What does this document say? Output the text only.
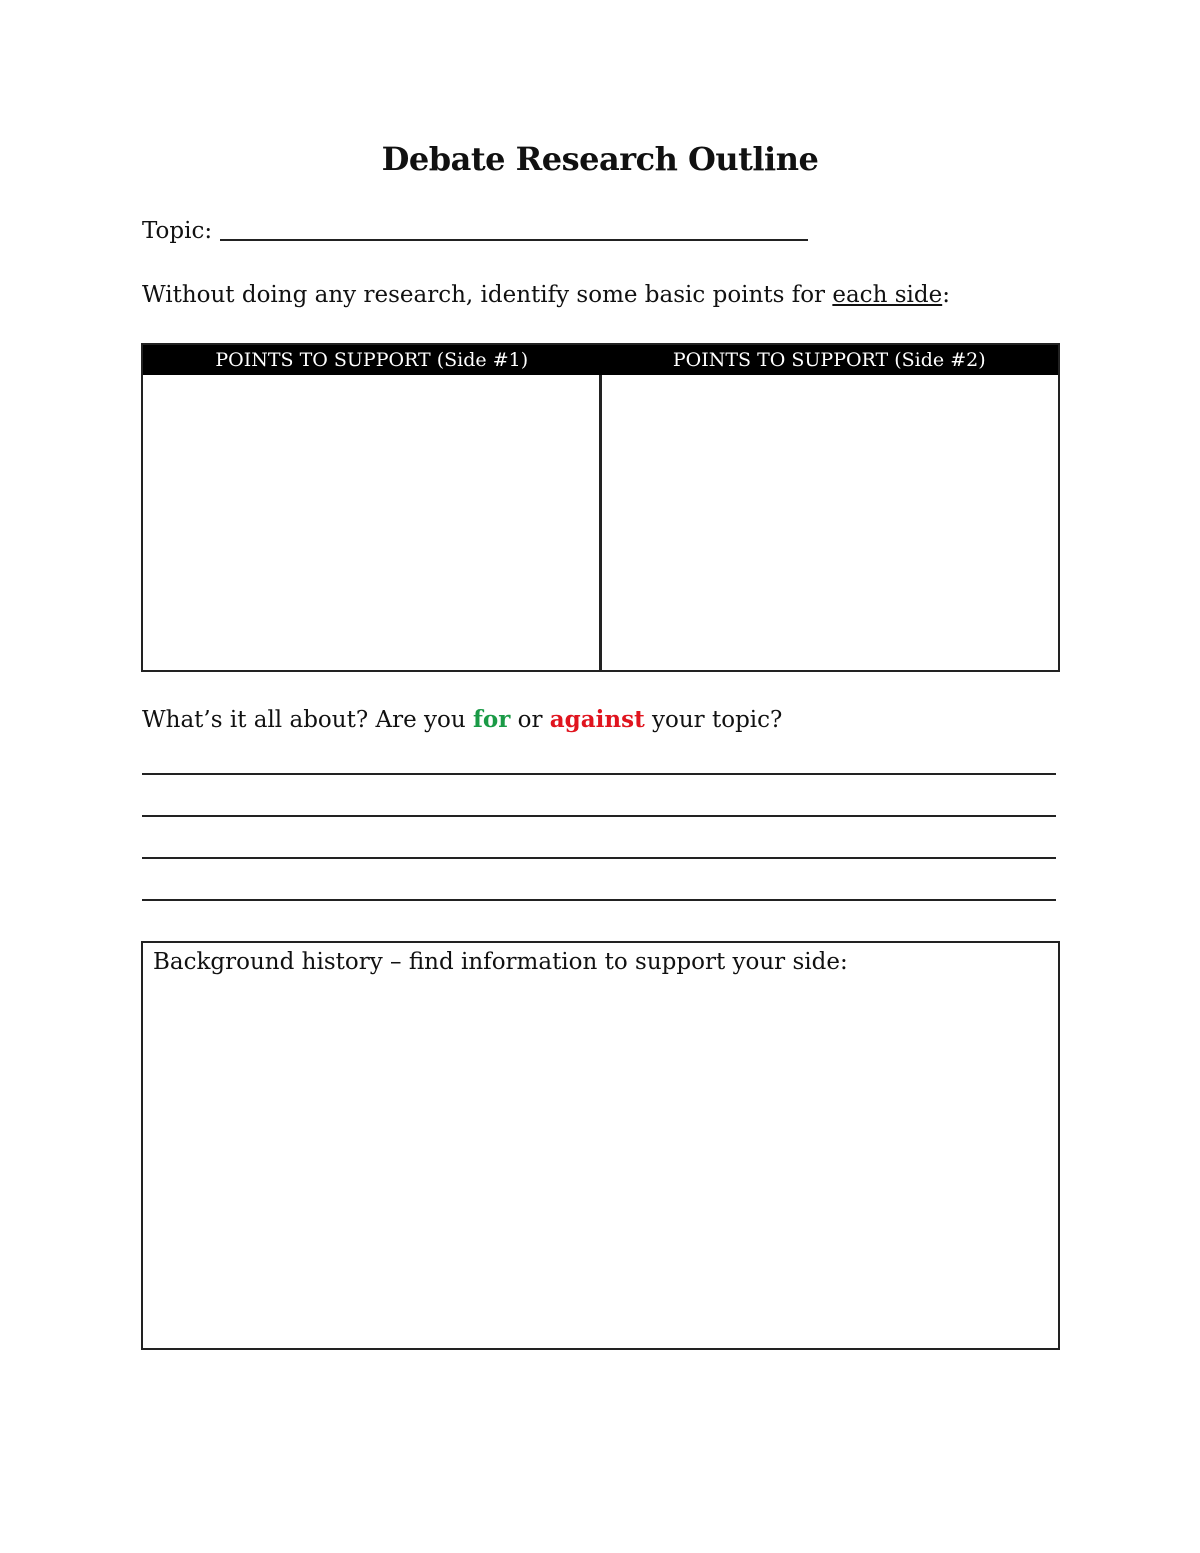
Debate Research Outline
Topic:
Without doing any research, identify some basic points for each side:
POINTS TO SUPPORT (Side #1)	POINTS TO SUPPORT (Side #2)
What’s it all about? Are you for or against your topic?
Background history – find information to support your side:
